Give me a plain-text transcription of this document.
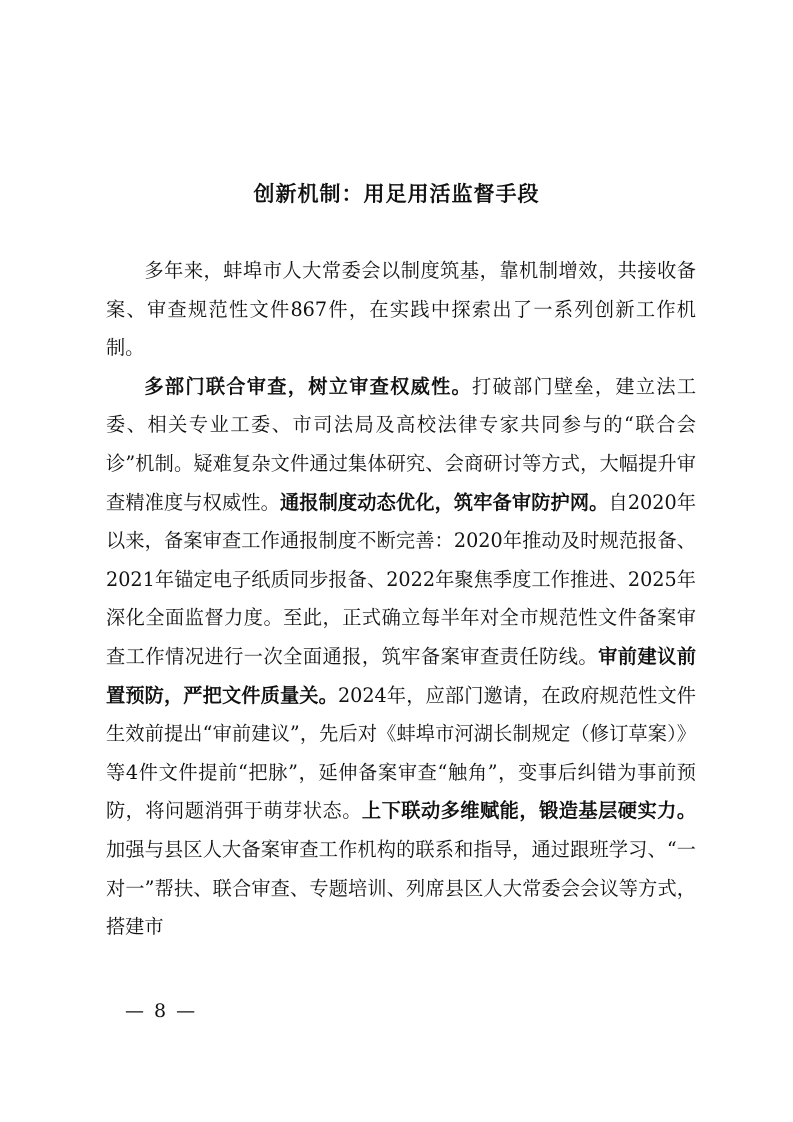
创新机制：用足用活监督手段

多年来，蚌埠市人大常委会以制度筑基，靠机制增效，共接收备案、审查规范性文件867件，在实践中探索出了一系列创新工作机制。

多部门联合审查，树立审查权威性。打破部门壁垒，建立法工委、相关专业工委、市司法局及高校法律专家共同参与的“联合会诊”机制。疑难复杂文件通过集体研究、会商研讨等方式，大幅提升审查精准度与权威性。通报制度动态优化，筑牢备审防护网。自2020年以来，备案审查工作通报制度不断完善：2020年推动及时规范报备、2021年锚定电子纸质同步报备、2022年聚焦季度工作推进、2025年深化全面监督力度。至此，正式确立每半年对全市规范性文件备案审查工作情况进行一次全面通报，筑牢备案审查责任防线。审前建议前置预防，严把文件质量关。2024年，应部门邀请，在政府规范性文件生效前提出“审前建议”，先后对《蚌埠市河湖长制规定（修订草案）》等4件文件提前“把脉”，延伸备案审查“触角”，变事后纠错为事前预防，将问题消弭于萌芽状态。上下联动多维赋能，锻造基层硬实力。加强与县区人大备案审查工作机构的联系和指导，通过跟班学习、“一对一”帮扶、联合审查、专题培训、列席县区人大常委会会议等方式，搭建市

— 8 —
